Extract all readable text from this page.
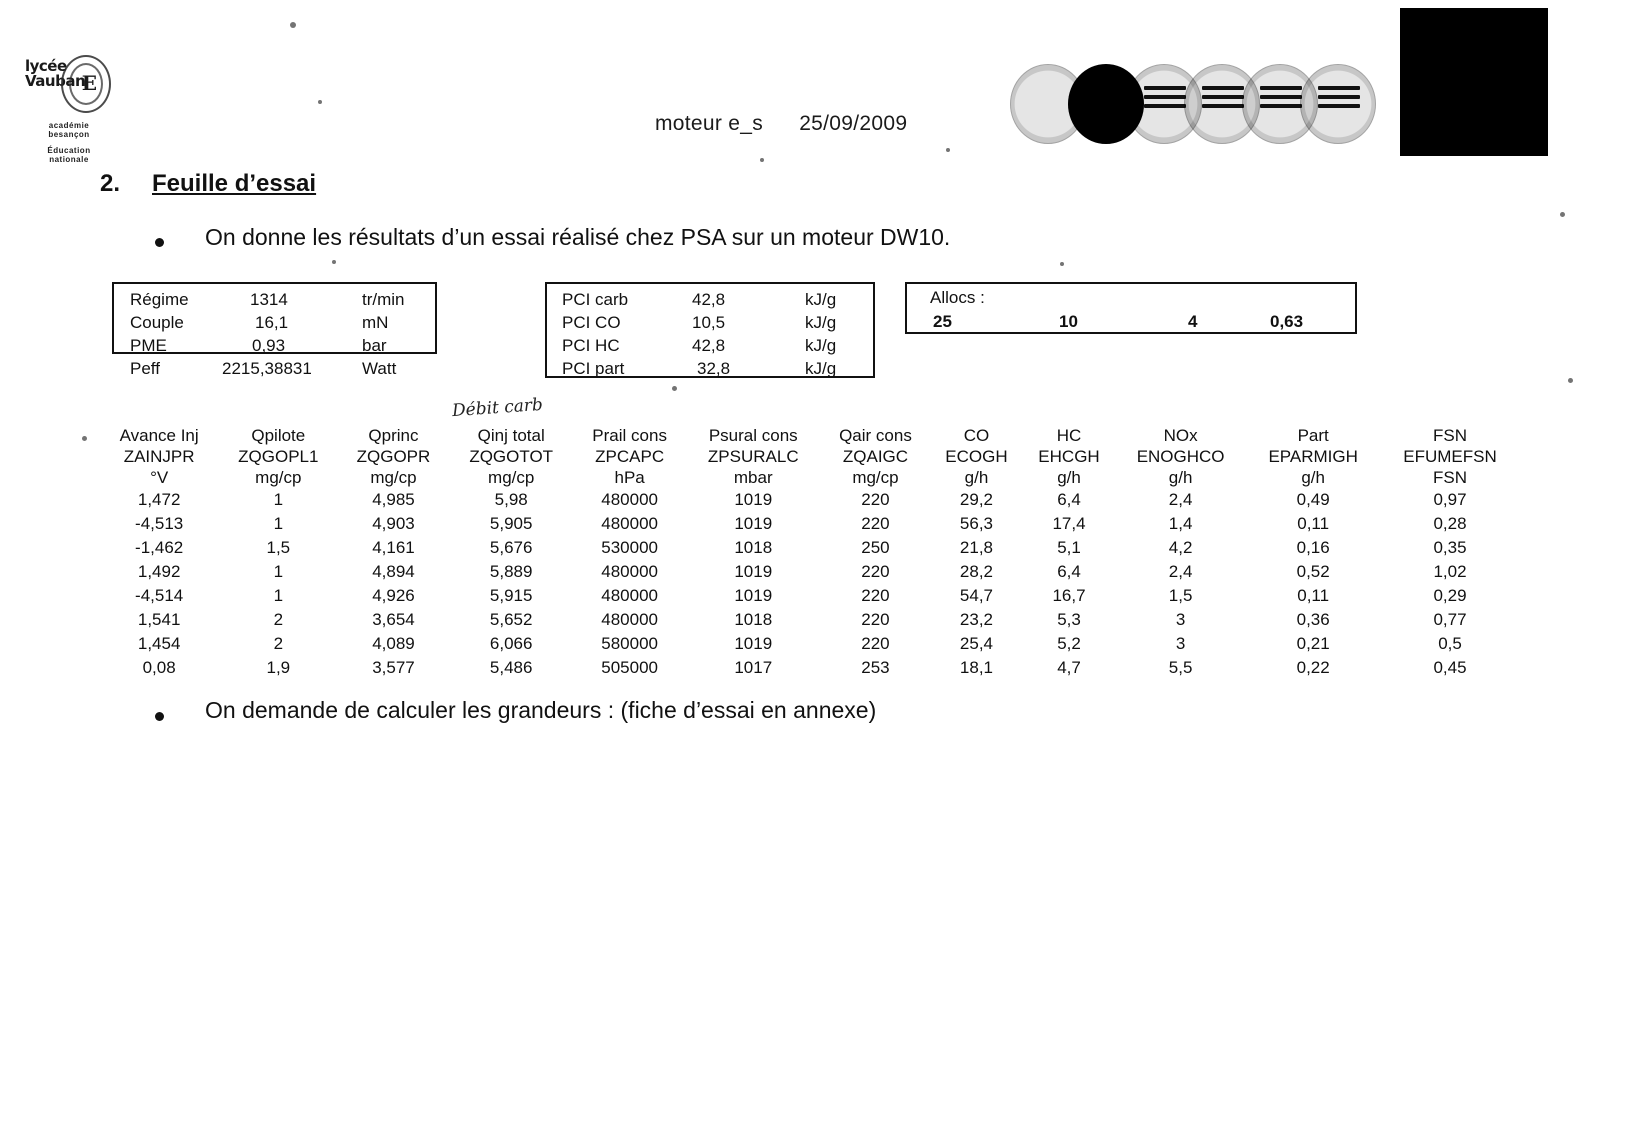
lycée
Vauban
E
académie
besançon
Éducation
nationale
moteur e_s 25/09/2009
2. Feuille d’essai
On donne les résultats d’un essai réalisé chez PSA sur un moteur DW10.
Régime	1314	tr/min
Couple	16,1	mN
PME	0,93	bar
Peff	2215,38831	Watt
PCI carb	42,8	kJ/g
PCI CO	10,5	kJ/g
PCI HC	42,8	kJ/g
PCI part	32,8	kJ/g
Allocs :
25	10	4	0,63
Débit carb
Avance Inj	Qpilote	Qprinc	Qinj total	Prail cons	Psural cons	Qair cons	CO	HC	NOx	Part	FSN
ZAINJPR	ZQGOPL1	ZQGOPR	ZQGOTOT	ZPCAPC	ZPSURALC	ZQAIGC	ECOGH	EHCGH	ENOGHCO	EPARMIGH	EFUMEFSN
°V	mg/cp	mg/cp	mg/cp	hPa	mbar	mg/cp	g/h	g/h	g/h	g/h	FSN
1,472	1	4,985	5,98	480000	1019	220	29,2	6,4	2,4	0,49	0,97
-4,513	1	4,903	5,905	480000	1019	220	56,3	17,4	1,4	0,11	0,28
-1,462	1,5	4,161	5,676	530000	1018	250	21,8	5,1	4,2	0,16	0,35
1,492	1	4,894	5,889	480000	1019	220	28,2	6,4	2,4	0,52	1,02
-4,514	1	4,926	5,915	480000	1019	220	54,7	16,7	1,5	0,11	0,29
1,541	2	3,654	5,652	480000	1018	220	23,2	5,3	3	0,36	0,77
1,454	2	4,089	6,066	580000	1019	220	25,4	5,2	3	0,21	0,5
0,08	1,9	3,577	5,486	505000	1017	253	18,1	4,7	5,5	0,22	0,45
On demande de calculer les grandeurs : (fiche d’essai en annexe)
